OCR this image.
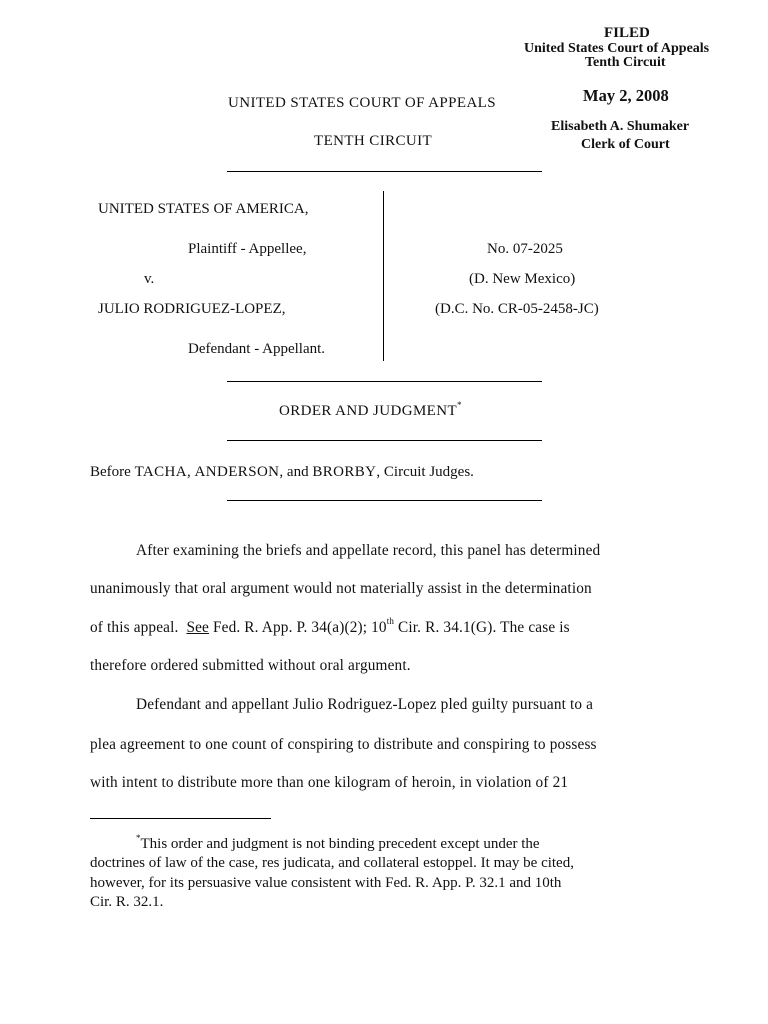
FILED
United States Court of Appeals
Tenth Circuit
May 2, 2008
Elisabeth A. Shumaker
Clerk of Court
UNITED STATES COURT OF APPEALS
TENTH CIRCUIT
UNITED STATES OF AMERICA,
Plaintiff - Appellee,
v.
JULIO RODRIGUEZ-LOPEZ,
Defendant - Appellant.
No. 07-2025
(D. New Mexico)
(D.C. No. CR-05-2458-JC)
ORDER AND JUDGMENT*
Before TACHA, ANDERSON, and BRORBY, Circuit Judges.
After examining the briefs and appellate record, this panel has determined
unanimously that oral argument would not materially assist in the determination
of this appeal. See Fed. R. App. P. 34(a)(2); 10th Cir. R. 34.1(G). The case is
therefore ordered submitted without oral argument.
Defendant and appellant Julio Rodriguez-Lopez pled guilty pursuant to a
plea agreement to one count of conspiring to distribute and conspiring to possess
with intent to distribute more than one kilogram of heroin, in violation of 21
*This order and judgment is not binding precedent except under the
doctrines of law of the case, res judicata, and collateral estoppel. It may be cited,
however, for its persuasive value consistent with Fed. R. App. P. 32.1 and 10th
Cir. R. 32.1.
